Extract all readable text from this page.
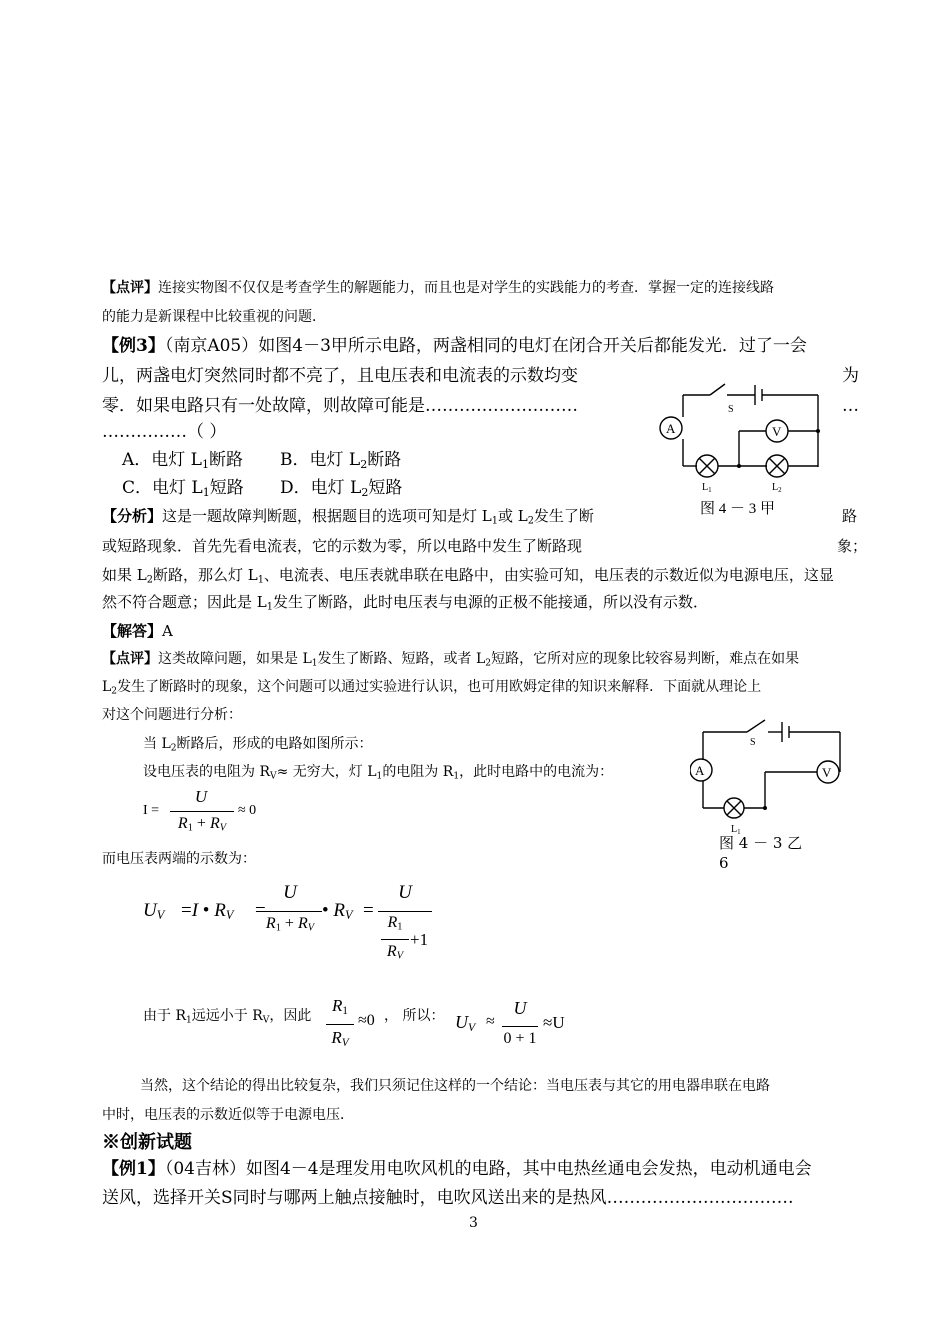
【点评】连接实物图不仅仅是考查学生的解题能力，而且也是对学生的实践能力的考查．掌握一定的连接线路
的能力是新课程中比较重视的问题．
【例3】（南京A05）如图4－3甲所示电路，两盏相同的电灯在闭合开关后都能发光．过了一会
儿，两盏电灯突然同时都不亮了，且电压表和电流表的示数均变	为
零．如果电路只有一处故障，则故障可能是………………………	…
……………（ ）
A．电灯 $L_1$断路 B．电灯 $L_2$断路
C．电灯 $L_1$短路 D．电灯 $L_2$短路
S
A	V
$L_1$	$L_2$
图 4 － 3 甲
【分析】这是一题故障判断题，根据题目的选项可知是灯 $L_1$或 $L_2$发生了断	路
或短路现象．首先先看电流表，它的示数为零，所以电路中发生了断路现	象；
如果 $L_2$断路，那么灯 $L_1$、电流表、电压表就串联在电路中，由实验可知，电压表的示数近似为电源电压，这显
然不符合题意；因此是 $L_1$发生了断路，此时电压表与电源的正极不能接通，所以没有示数．
【解答】A
【点评】这类故障问题，如果是 $L_1$发生了断路、短路，或者 $L_2$短路，它所对应的现象比较容易判断，难点在如果
$L_2$发生了断路时的现象，这个问题可以通过实验进行认识，也可用欧姆定律的知识来解释．下面就从理论上
对这个问题进行分析：
当 $L_2$断路后，形成的电路如图所示：
设电压表的电阻为 $R_V\approx$ 无穷大，灯 $L_1$的电阻为 $R_1$，此时电路中的电流为：
I =
U
$R_1 + R_V$
≈ 0
S
A	V
$L_1$
图 4 － 3 乙
6
而电压表两端的示数为：
$U_V =I$ • $R_V$ =
U
$R_1 + R_V$
• $R_V$ =
U
$R_1$
$R_V$
+1
由于 $R_1$远远小于 $R_V$，因此
$R_1$
$R_V$
≈0 ， 所以： $U_V$ ≈
U
0 + 1
≈U
当然，这个结论的得出比较复杂，我们只须记住这样的一个结论：当电压表与其它的用电器串联在电路
中时，电压表的示数近似等于电源电压．
※创新试题
【例1】（04吉林）如图4－4是理发用电吹风机的电路，其中电热丝通电会发热，电动机通电会
送风，选择开关S同时与哪两上触点接触时，电吹风送出来的是热风……………………………
3
